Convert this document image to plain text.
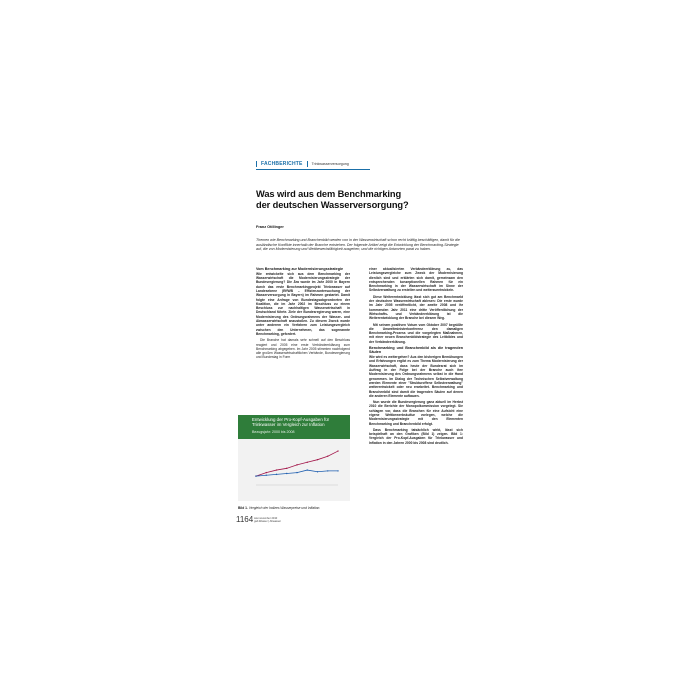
FACHBERICHTE	Trinkwasserversorgung
Was wird aus dem Benchmarking
der deutschen Wasserversorgung?
Franz Otillinger
Themen wie Benchmarking und Branchenbild werden von in der Wasserwirtschaft schon recht kräftig beschäftigen, damit für die ausländische Konflikte innerhalb der Branche entstehen. Der folgende Artikel zeigt die Entwicklung der Benchmarking-Strategie auf, die von Modernisierung und Wettbewerbsfähigkeit ausgehen, und die richtigen Antworten parat zu haben.
Vom Benchmarking zur Modernisierungsstrategie

Wie entwickelte sich aus dem Benchmarking der Wasserwirtschaft die Modernisierungsstrategie der Bundesregierung? Die Ära wurde im Jahr 2000 in Bayern durch das erste Benchmarkingprojekt Trinkwasser auf Landesebene (EffWB – Effizienzuntersuchung der Wasserversorgung in Bayern) im Rahmen gestartet. Damit folgte eine Anfrage von Bundestagsabgeordneten der Koalition, die im Jahr 2002 im Beschluss zu einem Beschluss zur nachhaltigen Wasserwirtschaft in Deutschland führte. Ziele der Bundesregierung waren, eine Modernisierung des Ordnungsrahmens der Wasser- und Abwasserwirtschaft anzustoßen. Zu diesem Zweck wurde unter anderem ein Verfahren zum Leistungsvergleich zwischen den Unternehmen, das sogenannte Benchmarking, gefordert.

Die Branche hat damals sehr schnell auf den Beschluss reagiert und 2005 eine erste Verbändeerklärung zum Benchmarking abgegeben. Im Jahr 2005 stimmten nachfolgend alle großen Wasserwirtschaftlichen Verbände, Bundesregierung und Bundestag in Form

einer aktualisierten Verbändeerklärung zu, das Leistungsvergleiche zum Zweck der Modernisierung dienlich sind und erklärten sich damit, gemeinsam den entsprechenden konzeptionellen Rahmen für ein Benchmarking in der Wasserwirtschaft im Sinne der Selbstverwaltung zu erstellen und weiterzuentwickeln.

Diese Weiterentwicklung lässt sich gut am Benchmarkt der deutschen Wasserwirtschaft ablesen: Die erste wurde im Jahr 2005 veröffentlicht, der zweite 2008 und ihr kommenden Jahr 2011 eine dritte Veröffentlichung der Wirtschafts- und Verbändeerklärung ist die Weiterentwicklung der Branche bei diesem Weg.

Mit seinem positiven Votum vom Oktober 2007 begrüßte die Umweltministerkonferenz den damaligen Benchmarking-Prozess und die vorgelegten Maßnahmen, mit einer neuen Branchenbildstrategie des Leitbildes und der Verbändeerklärung.

Benchmarking und Branchenbild als die tragenden Säulen

Wie wird es weitergehen? Aus den bisherigen Bemühungen und Erfahrungen ergibt es zum Thema Modernisierung der Wasserwirtschaft, dass heute der Bundesrat sich im Auftrag in der Folge bei der Branche auch ihre Modernisierung des Ordnungsrahmens selbst in die Hand genommen. Im Dialog der Technischen Selbstverwaltung werden Elemente einer "Strukturoffene Selbstverwaltung" weiterentwickelt oder neu erarbeitet. Benchmarking und Branchenbild sind damit die tragenden Säulen auf denen die anderen Elemente aufbauen.

Nun wurde die Bundesregierung ganz aktuell im Herbst 2010 die Berichte der Monopolkommission vorgelegt. Sie schlagen vor, dass die Branchen für eine Aufsicht eine eigene Wettbewerbskultur vorlegen, welche die Modernisierungsstrategie mit den Elementen Benchmarking und Branchenbild erfolgt.

Dass Benchmarking tatsächlich wirkt, lässt sich beispielhaft an den Grafiken (Bild 1) zeigen. Bild 1: Vergleich der Pro-Kopf-Ausgaben für Trinkwasser und Inflation in den Jahren 2000 bis 2008 sind deutlich.

Entwicklung der Pro-Kopf-Ausgaben für Trinkwasser im Vergleich zur Inflation
Bezugsjahr: 2000 bis 2008
Bild 1. Vergleich der Indizes Wasserpreise und Inflation.
1164 wwt november 2010
gwf-Wasser | Abwasser
